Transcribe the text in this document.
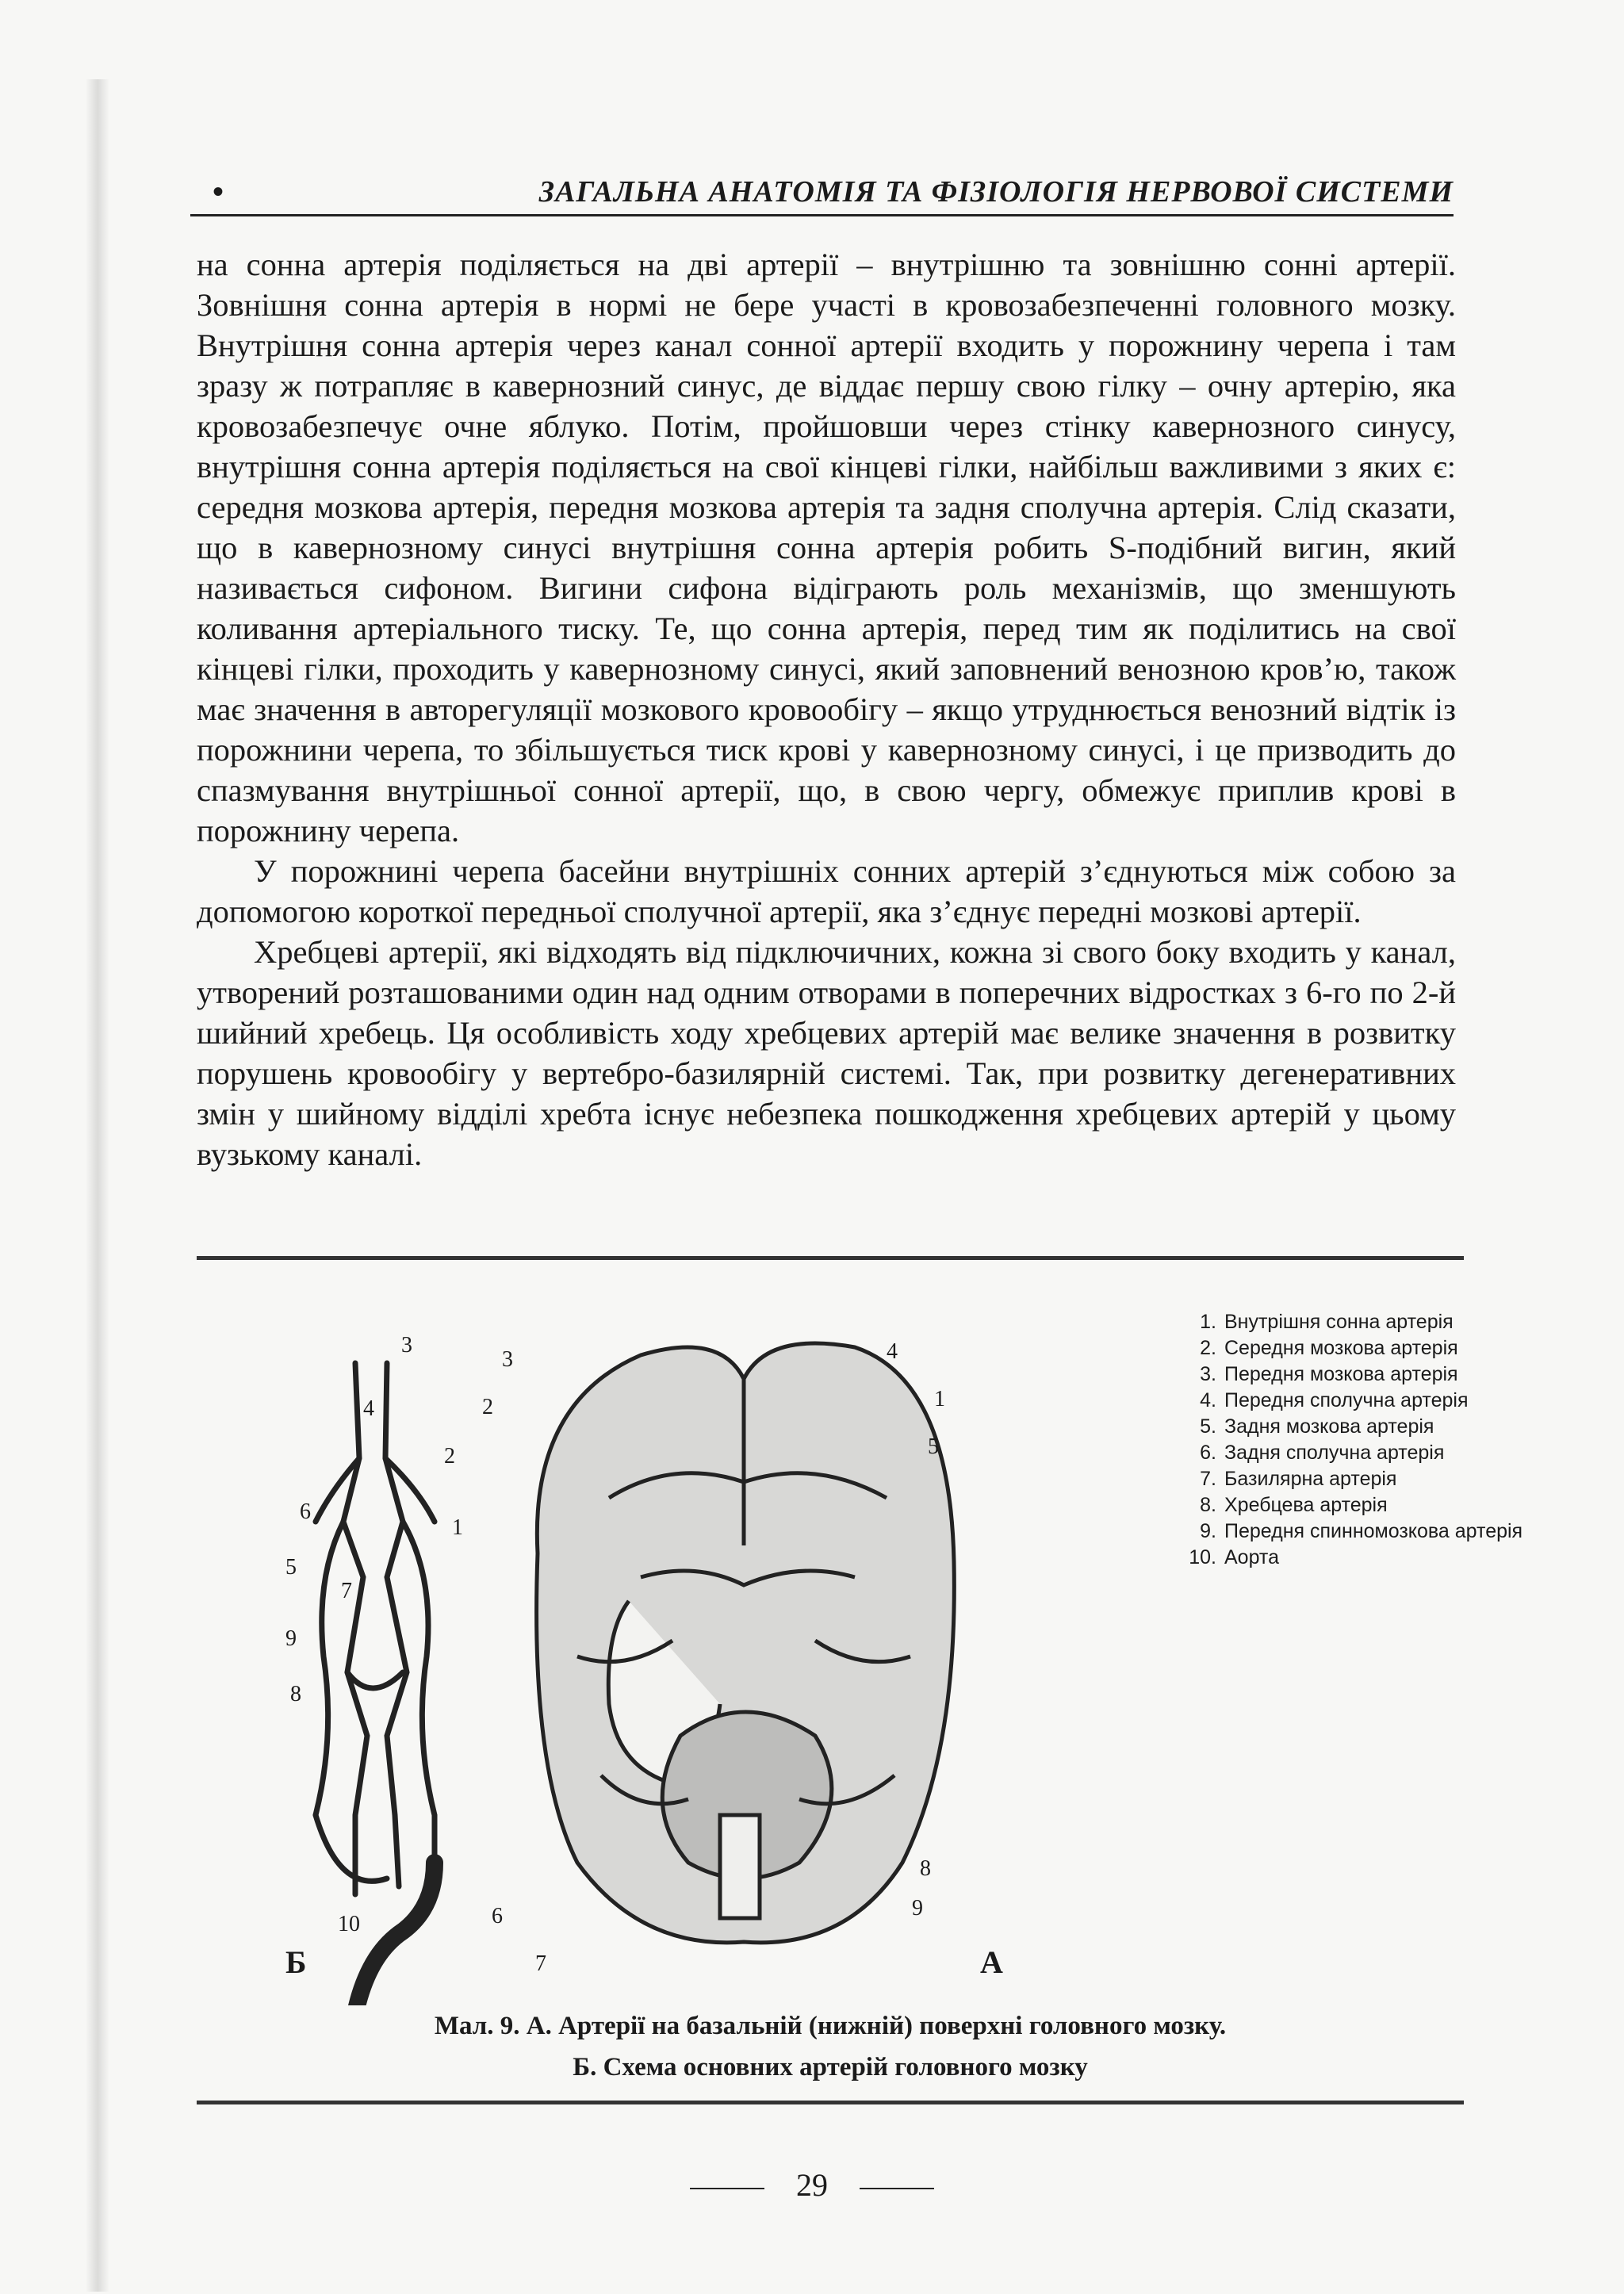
•	ЗАГАЛЬНА АНАТОМІЯ ТА ФІЗІОЛОГІЯ НЕРВОВОЇ СИСТЕМИ

на сонна артерія поділяється на дві артерії – внутрішню та зовнішню сонні артерії. Зовнішня сонна артерія в нормі не бере участі в кровозабезпеченні головного мозку. Внутрішня сонна артерія через канал сонної артерії входить у порожнину черепа і там зразу ж потрапляє в кавернозний синус, де віддає першу свою гілку – очну артерію, яка кровозабезпечує очне яблуко. Потім, пройшовши через стінку кавернозного синусу, внутрішня сонна артерія поділяється на свої кінцеві гілки, найбільш важливими з яких є: середня мозкова артерія, передня мозкова артерія та задня сполучна артерія. Слід сказати, що в кавернозному синусі внутрішня сонна артерія робить S-подібний вигин, який називається сифоном. Вигини сифона відіграють роль механізмів, що зменшують коливання артеріального тиску. Те, що сонна артерія, перед тим як поділитись на свої кінцеві гілки, проходить у кавернозному синусі, який заповнений венозною кров’ю, також має значення в авторегуляції мозкового кровообігу – якщо утруднюється венозний відтік із порожнини черепа, то збільшується тиск крові у кавернозному синусі, і це призводить до спазмування внутрішньої сонної артерії, що, в свою чергу, обмежує приплив крові в порожнину черепа.

У порожнині черепа басейни внутрішніх сонних артерій з’єднуються між собою за допомогою короткої передньої сполучної артерії, яка з’єднує передні мозкові артерії.

Хребцеві артерії, які відходять від підключичних, кожна зі свого боку входить у канал, утворений розташованими один над одним отворами в поперечних відростках з 6-го по 2-й шийний хребець. Ця особливість ходу хребцевих артерій має велике значення в розвитку порушень кровообігу у вертебро-базилярній системі. Так, при розвитку дегенеративних змін у шийному відділі хребта існує небезпека пошкодження хребцевих артерій у цьому вузькому каналі.

3
4
2
6
1
5
7
9
8
10
3
2
4
1
5
8
9
6
7
Б	А
1. Внутрішня сонна артерія
2. Середня мозкова артерія
3. Передня мозкова артерія
4. Передня сполучна артерія
5. Задня мозкова артерія
6. Задня сполучна артерія
7. Базилярна артерія
8. Хребцева артерія
9. Передня спинномозкова артерія
10. Аорта
Мал. 9. А. Артерії на базальній (нижній) поверхні головного мозку.
Б. Схема основних артерій головного мозку
29
